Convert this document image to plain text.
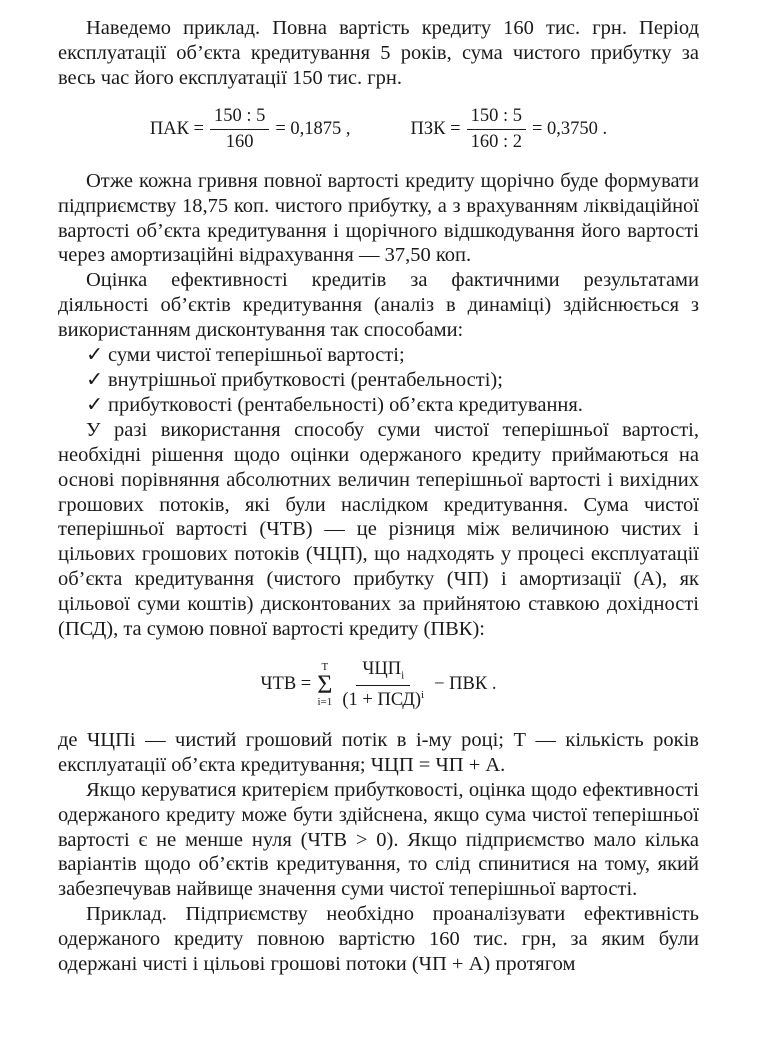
Наведемо приклад. Повна вартість кредиту 160 тис. грн. Період експлуатації об’єкта кредитування 5 років, сума чистого прибутку за весь час його експлуатації 150 тис. грн.

ПАК = $\frac{150 : 5}{160} = 0,1875$ ,	ПЗК = $\frac{150 : 5}{160 : 2} = 0,3750$ .

Отже кожна гривня повної вартості кредиту щорічно буде формувати підприємству 18,75 коп. чистого прибутку, а з врахуванням ліквідаційної вартості об’єкта кредитування і щорічного відшкодування його вартості через амортизаційні відрахування — 37,50 коп.

Оцінка ефективності кредитів за фактичними результатами діяльності об’єктів кредитування (аналіз в динаміці) здійснюється з використанням дисконтування так способами:

✓ суми чистої теперішньої вартості;
✓ внутрішньої прибутковості (рентабельності);
✓ прибутковості (рентабельності) об’єкта кредитування.

У разі використання способу суми чистої теперішньої вартості, необхідні рішення щодо оцінки одержаного кредиту приймаються на основі порівняння абсолютних величин теперішньої вартості і вихідних грошових потоків, які були наслідком кредитування. Сума чистої теперішньої вартості (ЧТВ) — це різниця між величиною чистих і цільових грошових потоків (ЧЦП), що надходять у процесі експлуатації об’єкта кредитування (чистого прибутку (ЧП) і амортизації (А), як цільової суми коштів) дисконтованих за прийнятою ставкою дохідності (ПСД), та сумою повної вартості кредиту (ПВК):

ЧТВ =
T
Σ
$i=1 \frac{ЧЦП_i}{(1 + ПСД)^i}$ − ПВК .

де ЧЦПі — чистий грошовий потік в i-му році; Т — кількість років експлуатації об’єкта кредитування; ЧЦП = ЧП + А.

Якщо керуватися критерієм прибутковості, оцінка щодо ефективності одержаного кредиту може бути здійснена, якщо сума чистої теперішньої вартості є не менше нуля (ЧТВ > 0). Якщо підприємство мало кілька варіантів щодо об’єктів кредитування, то слід спинитися на тому, який забезпечував найвище значення суми чистої теперішньої вартості.

Приклад. Підприємству необхідно проаналізувати ефективність одержаного кредиту повною вартістю 160 тис. грн, за яким були одержані чисті і цільові грошові потоки (ЧП + А) протягом
